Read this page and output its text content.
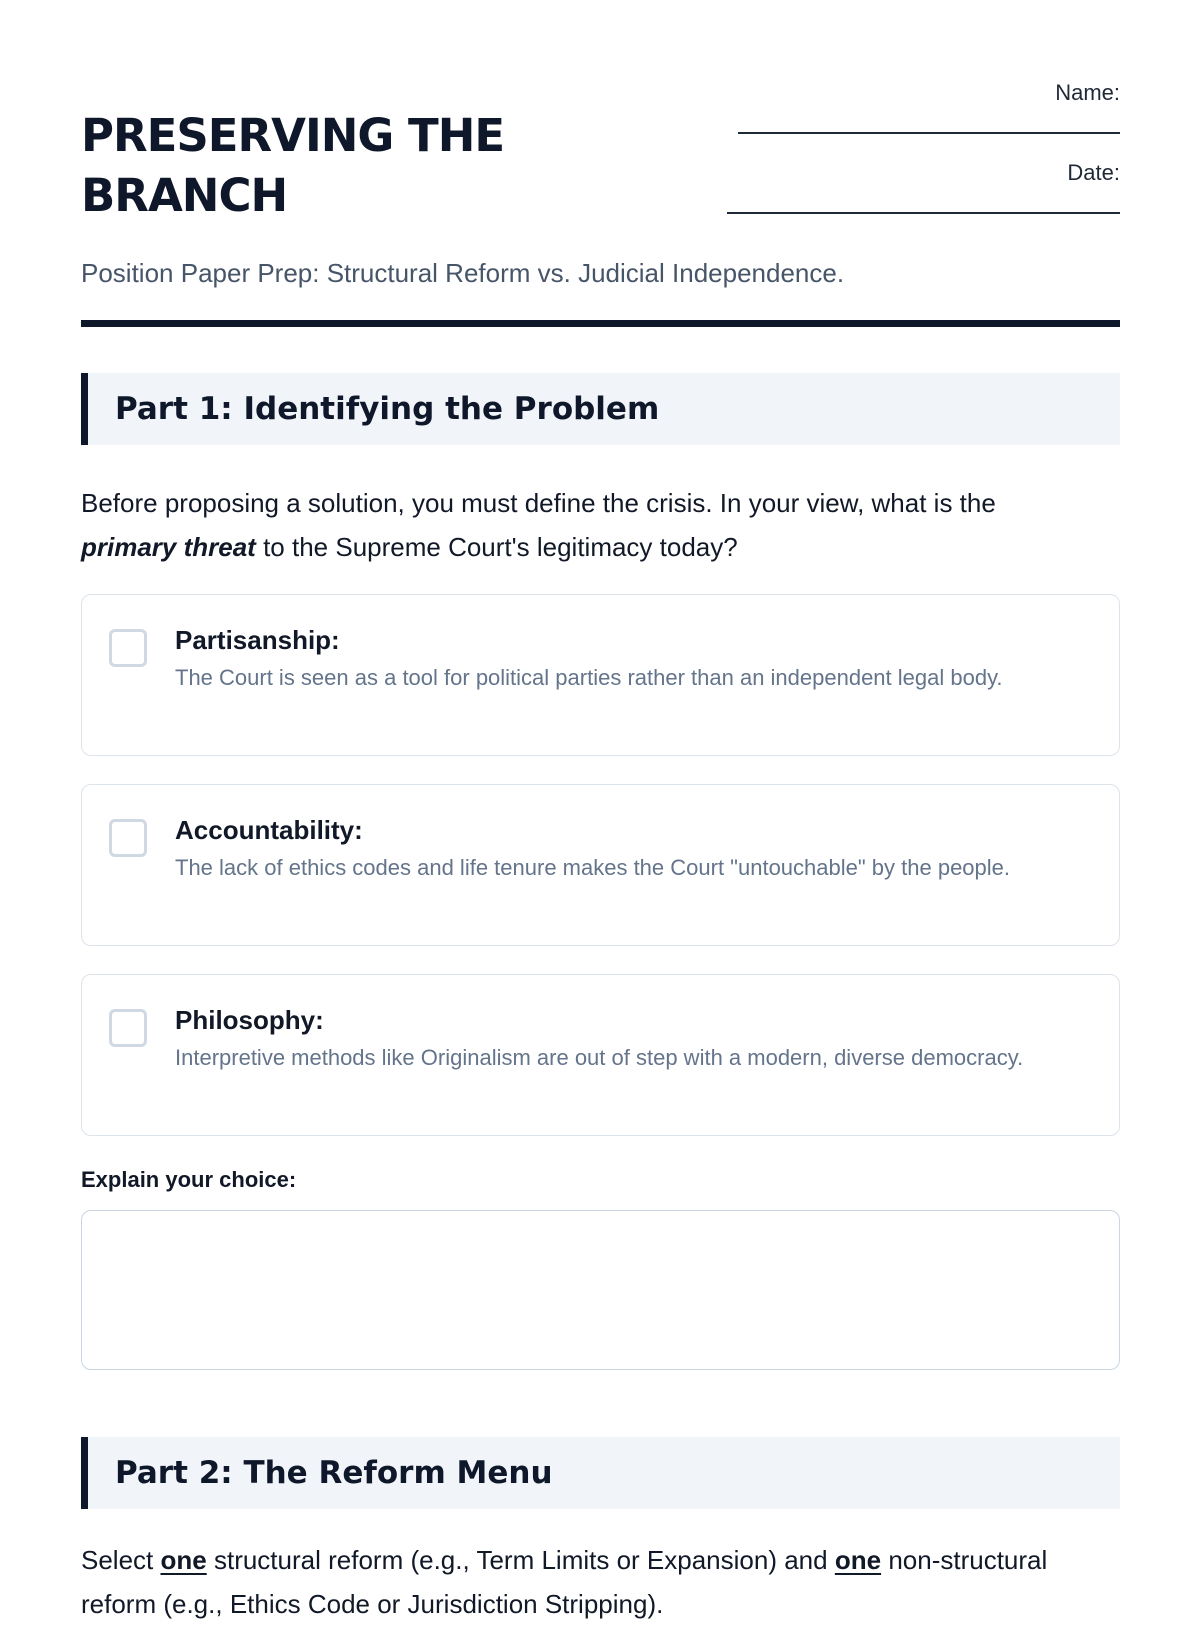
PRESERVING THE BRANCH
Name:
Date:

Position Paper Prep: Structural Reform vs. Judicial Independence.

Part 1: Identifying the Problem

Before proposing a solution, you must define the crisis. In your view, what is the
primary threat to the Supreme Court's legitimacy today?

Partisanship:
The Court is seen as a tool for political parties rather than an independent legal body.
Accountability:
The lack of ethics codes and life tenure makes the Court "untouchable" by the people.
Philosophy:
Interpretive methods like Originalism are out of step with a modern, diverse democracy.
Explain your choice:
Part 2: The Reform Menu

Select one structural reform (e.g., Term Limits or Expansion) and one non-structural reform (e.g., Ethics Code or Jurisdiction Stripping).
